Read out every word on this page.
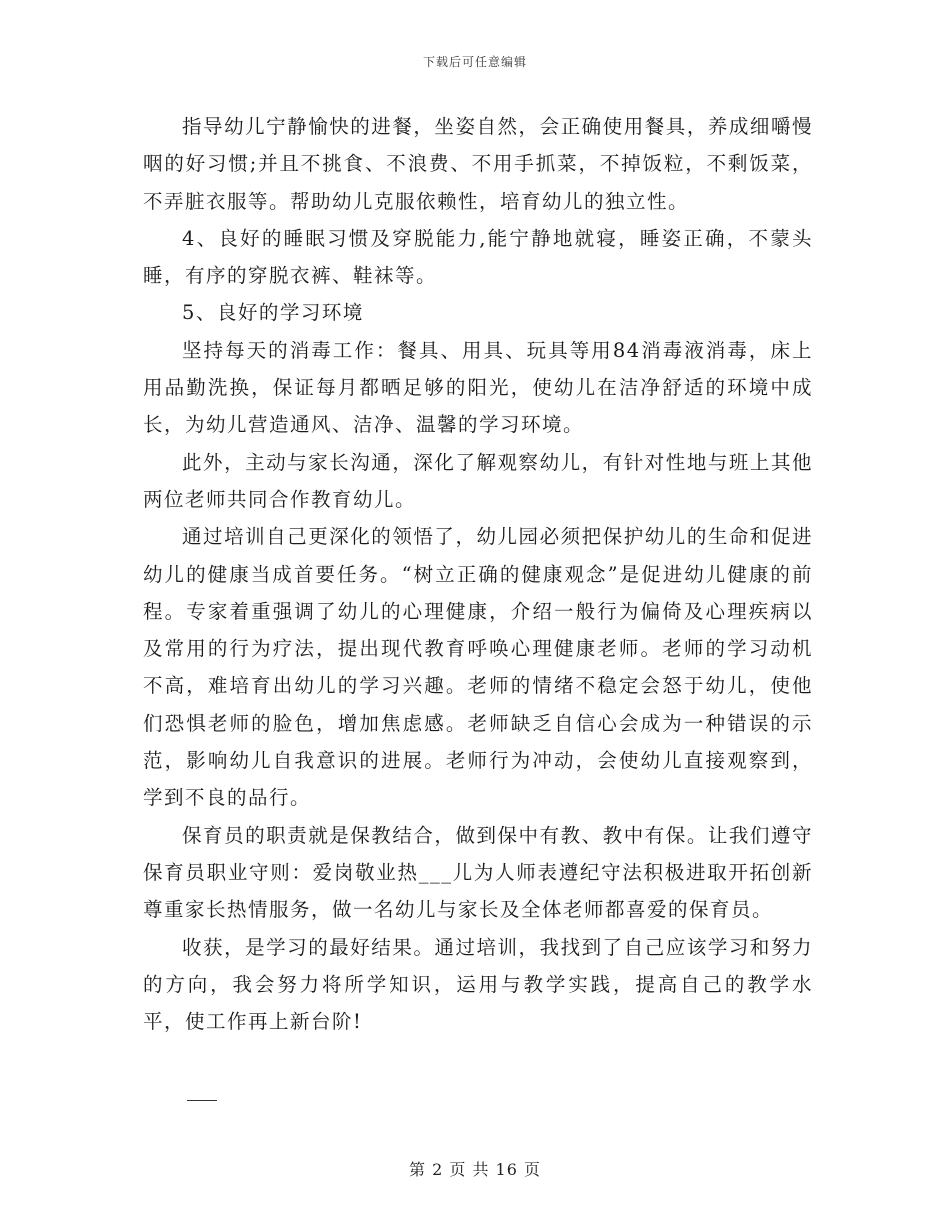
下载后可任意编辑

指导幼儿宁静愉快的进餐，坐姿自然，会正确使用餐具，养成细嚼慢咽的好习惯;并且不挑食、不浪费、不用手抓菜，不掉饭粒，不剩饭菜，不弄脏衣服等。帮助幼儿克服依赖性，培育幼儿的独立性。

4、良好的睡眠习惯及穿脱能力,能宁静地就寝，睡姿正确，不蒙头睡，有序的穿脱衣裤、鞋袜等。

5、良好的学习环境

坚持每天的消毒工作：餐具、用具、玩具等用84消毒液消毒，床上用品勤洗换，保证每月都晒足够的阳光，使幼儿在洁净舒适的环境中成长，为幼儿营造通风、洁净、温馨的学习环境。

此外，主动与家长沟通，深化了解观察幼儿，有针对性地与班上其他两位老师共同合作教育幼儿。

通过培训自己更深化的领悟了，幼儿园必须把保护幼儿的生命和促进幼儿的健康当成首要任务。“树立正确的健康观念”是促进幼儿健康的前程。专家着重强调了幼儿的心理健康，介绍一般行为偏倚及心理疾病以及常用的行为疗法，提出现代教育呼唤心理健康老师。老师的学习动机不高，难培育出幼儿的学习兴趣。老师的情绪不稳定会怒于幼儿，使他们恐惧老师的脸色，增加焦虑感。老师缺乏自信心会成为一种错误的示范，影响幼儿自我意识的进展。老师行为冲动，会使幼儿直接观察到，学到不良的品行。

保育员的职责就是保教结合，做到保中有教、教中有保。让我们遵守保育员职业守则：爱岗敬业热___儿为人师表遵纪守法积极进取开拓创新尊重家长热情服务，做一名幼儿与家长及全体老师都喜爱的保育员。

收获，是学习的最好结果。通过培训，我找到了自己应该学习和努力的方向，我会努力将所学知识，运用与教学实践，提高自己的教学水平，使工作再上新台阶!

第 2 页 共 16 页
